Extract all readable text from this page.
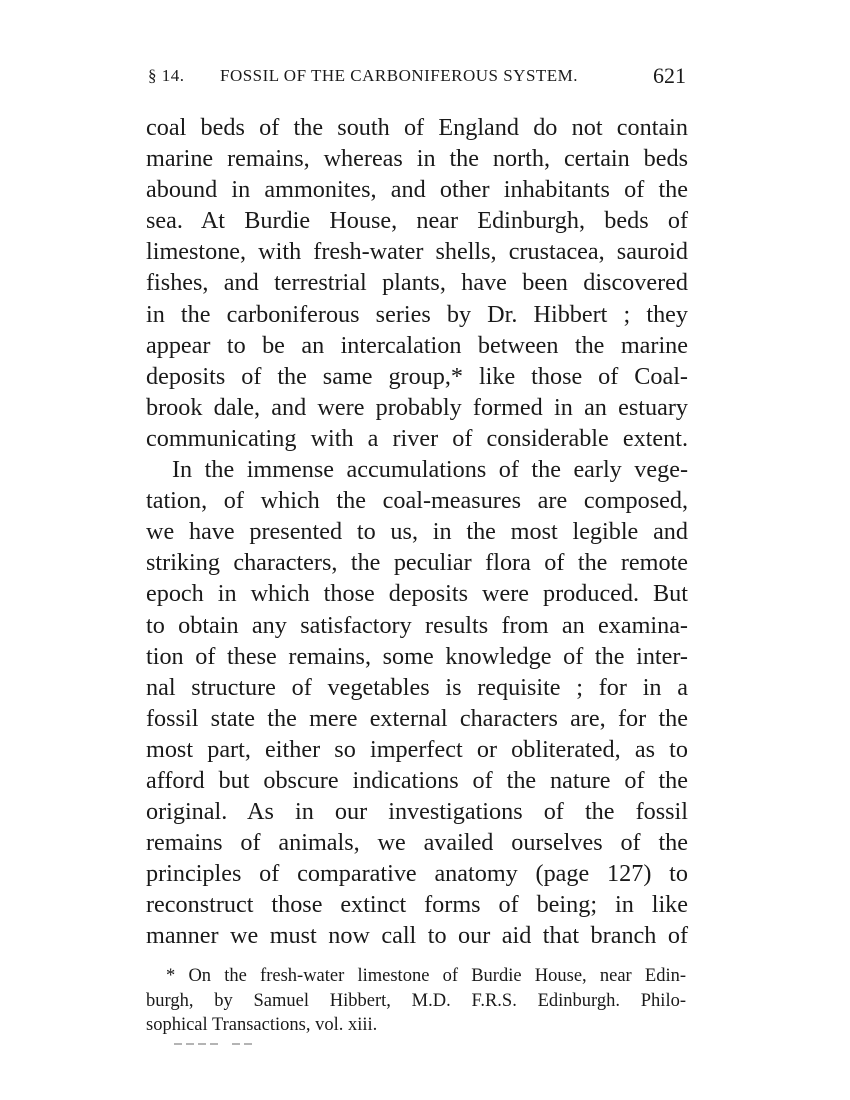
§ 14. FOSSIL OF THE CARBONIFEROUS SYSTEM.	621
coal beds of the south of England do not contain
marine remains, whereas in the north, certain beds
abound in ammonites, and other inhabitants of the
sea. At Burdie House, near Edinburgh, beds of
limestone, with fresh-water shells, crustacea, sauroid
fishes, and terrestrial plants, have been discovered
in the carboniferous series by Dr. Hibbert ; they
appear to be an intercalation between the marine
deposits of the same group,* like those of Coal-
brook dale, and were probably formed in an estuary
communicating with a river of considerable extent.
In the immense accumulations of the early vege-
tation, of which the coal-measures are composed,
we have presented to us, in the most legible and
striking characters, the peculiar flora of the remote
epoch in which those deposits were produced. But
to obtain any satisfactory results from an examina-
tion of these remains, some knowledge of the inter-
nal structure of vegetables is requisite ; for in a
fossil state the mere external characters are, for the
most part, either so imperfect or obliterated, as to
afford but obscure indications of the nature of the
original. As in our investigations of the fossil
remains of animals, we availed ourselves of the
principles of comparative anatomy (page 127) to
reconstruct those extinct forms of being; in like
manner we must now call to our aid that branch of
* On the fresh-water limestone of Burdie House, near Edin-
burgh, by Samuel Hibbert, M.D. F.R.S. Edinburgh. Philo-
sophical Transactions, vol. xiii.
